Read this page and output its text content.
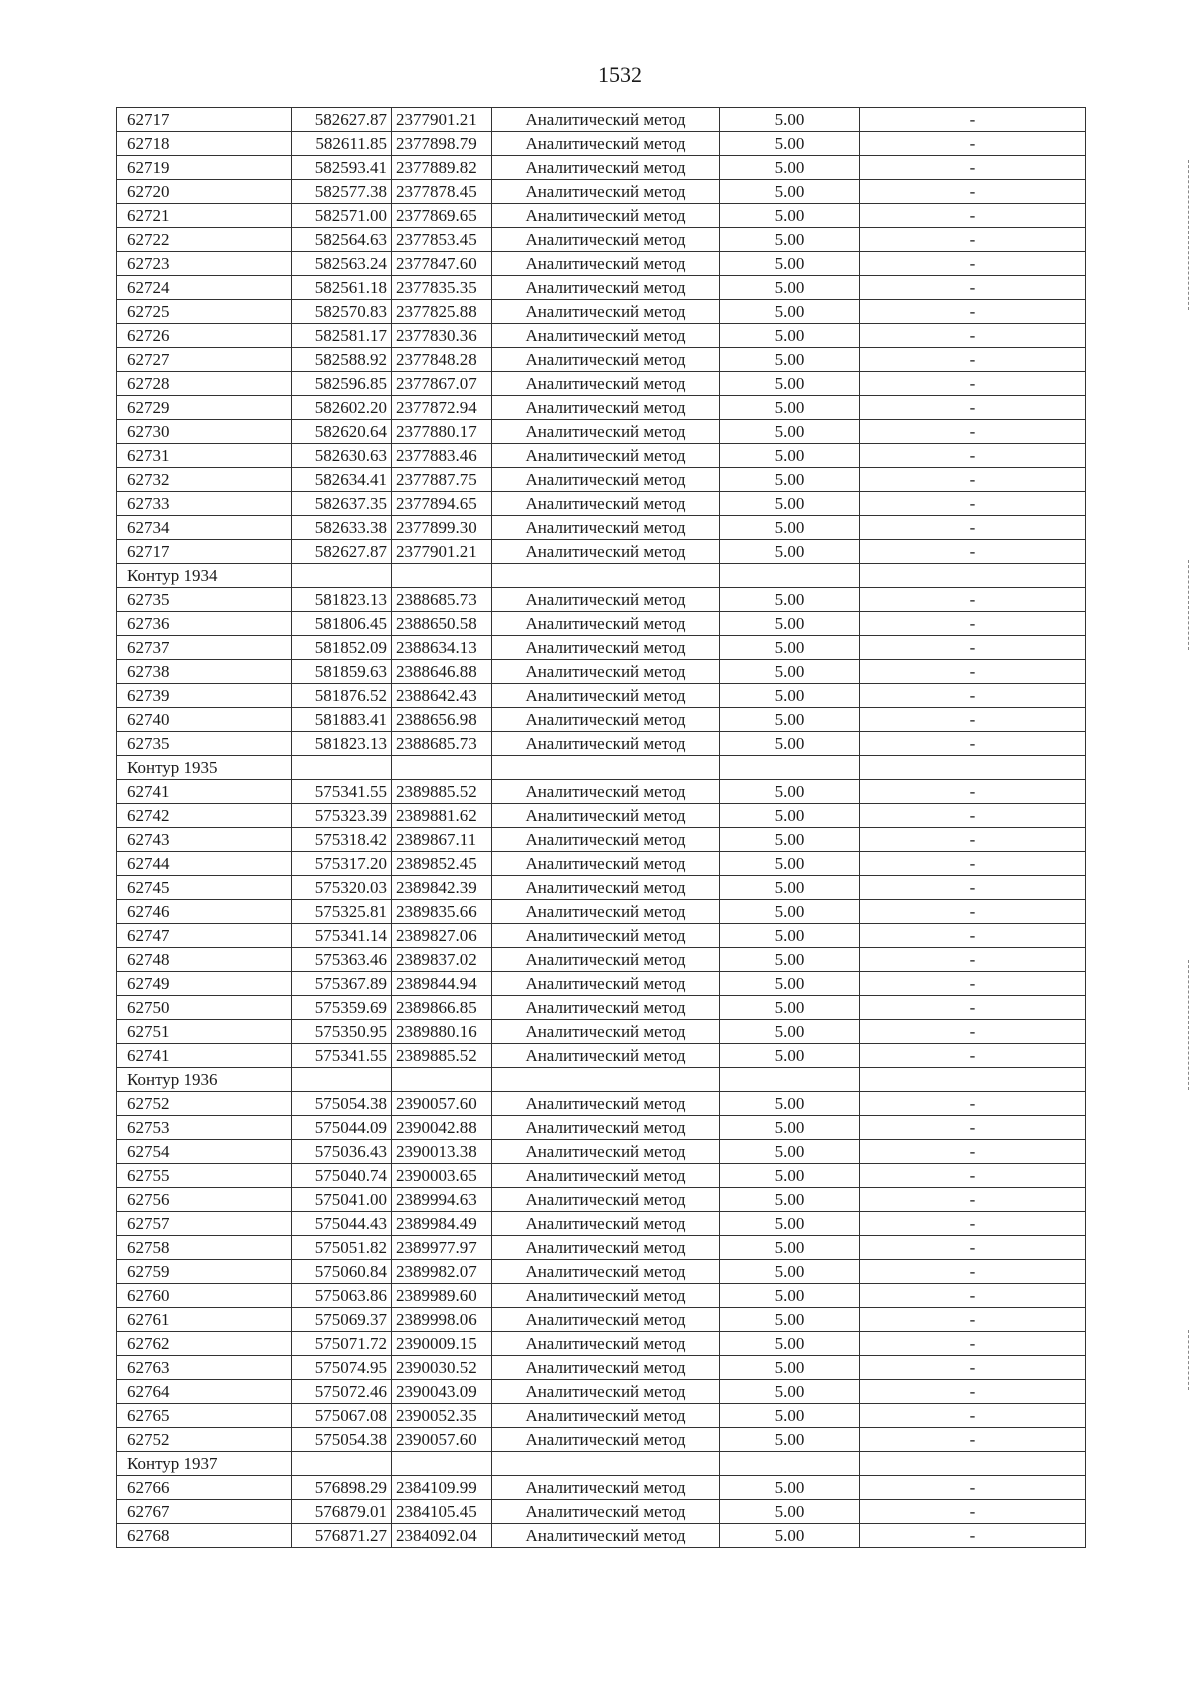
1532
62717	582627.87	2377901.21	Аналитический метод	5.00	-
62718	582611.85	2377898.79	Аналитический метод	5.00	-
62719	582593.41	2377889.82	Аналитический метод	5.00	-
62720	582577.38	2377878.45	Аналитический метод	5.00	-
62721	582571.00	2377869.65	Аналитический метод	5.00	-
62722	582564.63	2377853.45	Аналитический метод	5.00	-
62723	582563.24	2377847.60	Аналитический метод	5.00	-
62724	582561.18	2377835.35	Аналитический метод	5.00	-
62725	582570.83	2377825.88	Аналитический метод	5.00	-
62726	582581.17	2377830.36	Аналитический метод	5.00	-
62727	582588.92	2377848.28	Аналитический метод	5.00	-
62728	582596.85	2377867.07	Аналитический метод	5.00	-
62729	582602.20	2377872.94	Аналитический метод	5.00	-
62730	582620.64	2377880.17	Аналитический метод	5.00	-
62731	582630.63	2377883.46	Аналитический метод	5.00	-
62732	582634.41	2377887.75	Аналитический метод	5.00	-
62733	582637.35	2377894.65	Аналитический метод	5.00	-
62734	582633.38	2377899.30	Аналитический метод	5.00	-
62717	582627.87	2377901.21	Аналитический метод	5.00	-
Контур 1934					
62735	581823.13	2388685.73	Аналитический метод	5.00	-
62736	581806.45	2388650.58	Аналитический метод	5.00	-
62737	581852.09	2388634.13	Аналитический метод	5.00	-
62738	581859.63	2388646.88	Аналитический метод	5.00	-
62739	581876.52	2388642.43	Аналитический метод	5.00	-
62740	581883.41	2388656.98	Аналитический метод	5.00	-
62735	581823.13	2388685.73	Аналитический метод	5.00	-
Контур 1935					
62741	575341.55	2389885.52	Аналитический метод	5.00	-
62742	575323.39	2389881.62	Аналитический метод	5.00	-
62743	575318.42	2389867.11	Аналитический метод	5.00	-
62744	575317.20	2389852.45	Аналитический метод	5.00	-
62745	575320.03	2389842.39	Аналитический метод	5.00	-
62746	575325.81	2389835.66	Аналитический метод	5.00	-
62747	575341.14	2389827.06	Аналитический метод	5.00	-
62748	575363.46	2389837.02	Аналитический метод	5.00	-
62749	575367.89	2389844.94	Аналитический метод	5.00	-
62750	575359.69	2389866.85	Аналитический метод	5.00	-
62751	575350.95	2389880.16	Аналитический метод	5.00	-
62741	575341.55	2389885.52	Аналитический метод	5.00	-
Контур 1936					
62752	575054.38	2390057.60	Аналитический метод	5.00	-
62753	575044.09	2390042.88	Аналитический метод	5.00	-
62754	575036.43	2390013.38	Аналитический метод	5.00	-
62755	575040.74	2390003.65	Аналитический метод	5.00	-
62756	575041.00	2389994.63	Аналитический метод	5.00	-
62757	575044.43	2389984.49	Аналитический метод	5.00	-
62758	575051.82	2389977.97	Аналитический метод	5.00	-
62759	575060.84	2389982.07	Аналитический метод	5.00	-
62760	575063.86	2389989.60	Аналитический метод	5.00	-
62761	575069.37	2389998.06	Аналитический метод	5.00	-
62762	575071.72	2390009.15	Аналитический метод	5.00	-
62763	575074.95	2390030.52	Аналитический метод	5.00	-
62764	575072.46	2390043.09	Аналитический метод	5.00	-
62765	575067.08	2390052.35	Аналитический метод	5.00	-
62752	575054.38	2390057.60	Аналитический метод	5.00	-
Контур 1937					
62766	576898.29	2384109.99	Аналитический метод	5.00	-
62767	576879.01	2384105.45	Аналитический метод	5.00	-
62768	576871.27	2384092.04	Аналитический метод	5.00	-
